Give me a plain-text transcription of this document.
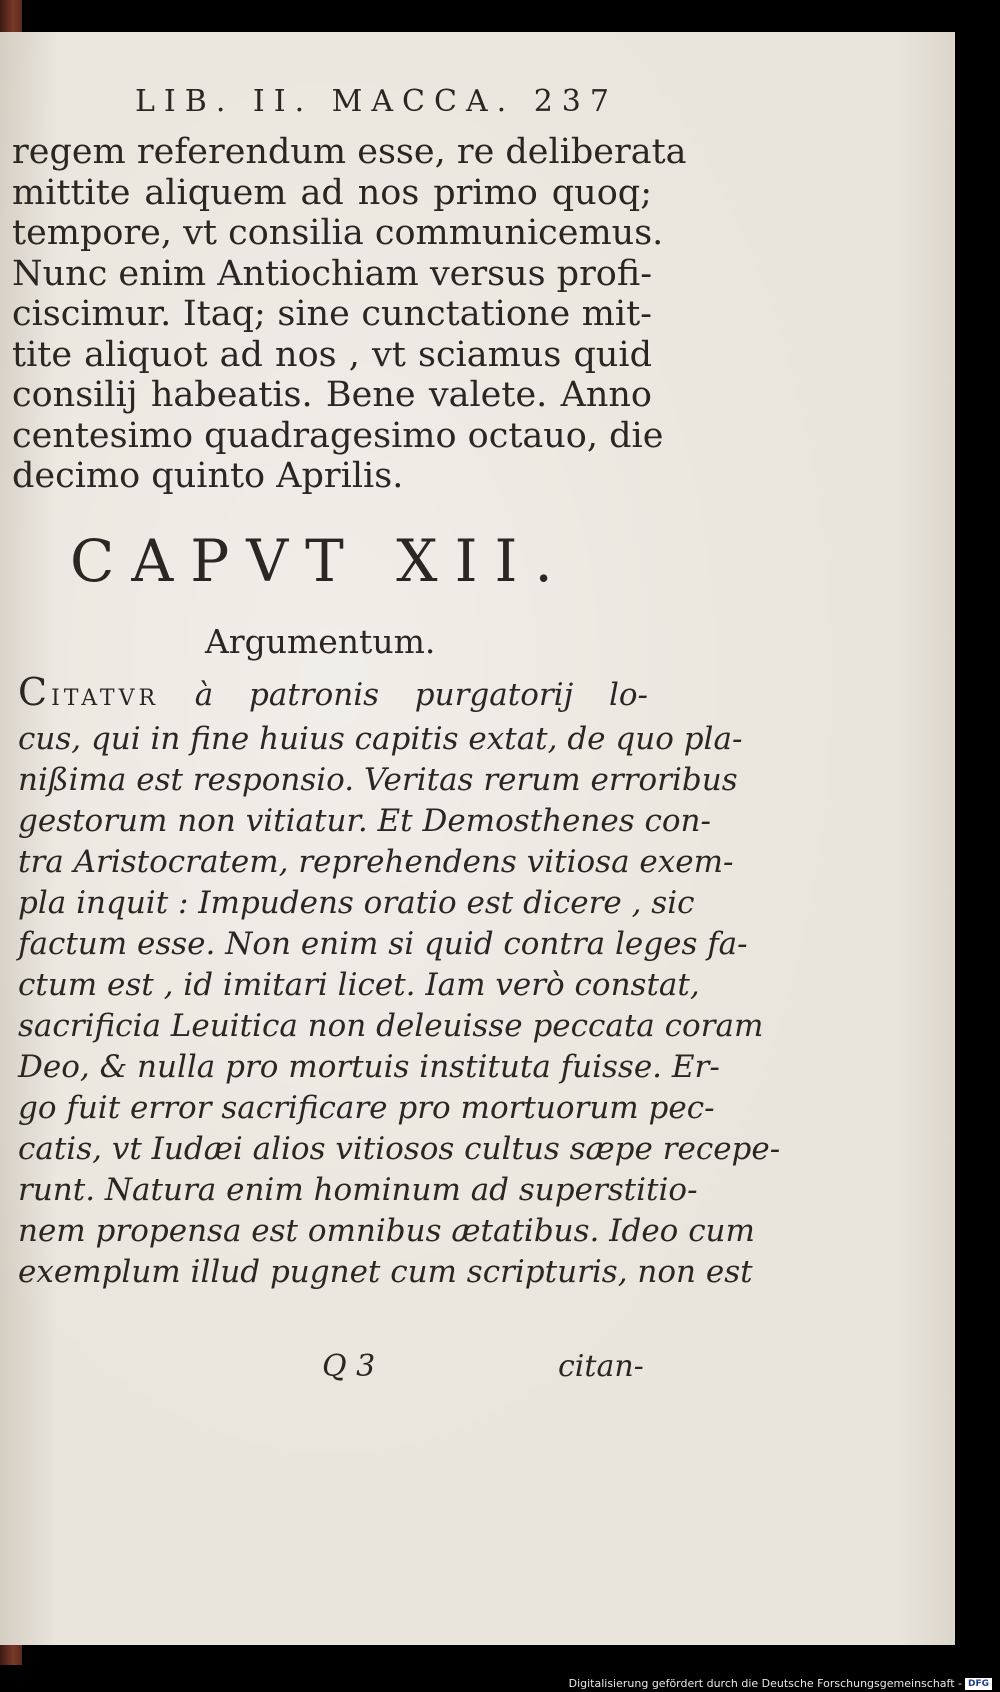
LIB. II. MACCA. 237
regem referendum esse, re deliberata
mittite aliquem ad nos primo quoq;
tempore, vt consilia communicemus.
Nunc enim Antiochiam versus profi-
ciscimur. Itaq; sine cunctatione mit-
tite aliquot ad nos , vt sciamus quid
consilij habeatis. Bene valete. Anno
centesimo quadragesimo octauo, die
decimo quinto Aprilis.
CAPVT XII.
Argumentum.
CITATVR à patronis purgatorij lo-
cus, qui in fine huius capitis extat, de quo pla-
nißima est responsio. Veritas rerum erroribus
gestorum non vitiatur. Et Demosthenes con-
tra Aristocratem, reprehendens vitiosa exem-
pla inquit : Impudens oratio est dicere , sic
factum esse. Non enim si quid contra leges fa-
ctum est , id imitari licet. Iam verò constat,
sacrificia Leuitica non deleuisse peccata coram
Deo, & nulla pro mortuis instituta fuisse. Er-
go fuit error sacrificare pro mortuorum pec-
catis, vt Iudæi alios vitiosos cultus sæpe recepe-
runt. Natura enim hominum ad superstitio-
nem propensa est omnibus ætatibus. Ideo cum
exemplum illud pugnet cum scripturis, non est
Q 3	citan-
Digitalisierung gefördert durch die Deutsche Forschungsgemeinschaft - DFG
